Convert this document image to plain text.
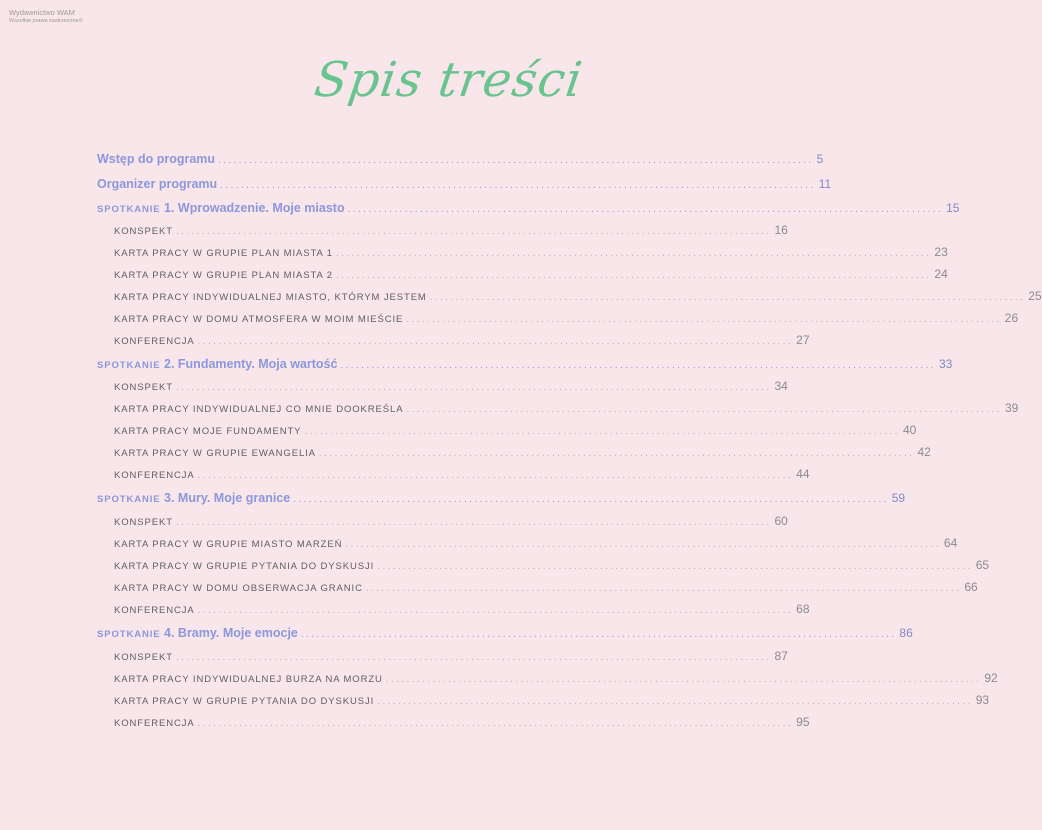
Wydawnictwo WAM
Wszelkie prawa zastrzeżone©
Spis treści
Wstęp do programu ................................................................................................................... 5
Organizer programu ................................................................................................................... 11
SPOTKANIE 1. Wprowadzenie. Moje miasto ................................................................................................................... 15
KONSPEKT ................................................................................................................... 16
KARTA PRACY W GRUPIE PLAN MIASTA 1 ................................................................................................................... 23
KARTA PRACY W GRUPIE PLAN MIASTA 2 ................................................................................................................... 24
KARTA PRACY INDYWIDUALNEJ MIASTO, KTÓRYM JESTEM ................................................................................................................... 25
KARTA PRACY W DOMU ATMOSFERA W MOIM MIEŚCIE ................................................................................................................... 26
KONFERENCJA ................................................................................................................... 27
SPOTKANIE 2. Fundamenty. Moja wartość ................................................................................................................... 33
KONSPEKT ................................................................................................................... 34
KARTA PRACY INDYWIDUALNEJ CO MNIE DOOKREŚLA ................................................................................................................... 39
KARTA PRACY MOJE FUNDAMENTY ................................................................................................................... 40
KARTA PRACY W GRUPIE EWANGELIA ................................................................................................................... 42
KONFERENCJA ................................................................................................................... 44
SPOTKANIE 3. Mury. Moje granice ................................................................................................................... 59
KONSPEKT ................................................................................................................... 60
KARTA PRACY W GRUPIE MIASTO MARZEŃ ................................................................................................................... 64
KARTA PRACY W GRUPIE PYTANIA DO DYSKUSJI ................................................................................................................... 65
KARTA PRACY W DOMU OBSERWACJA GRANIC ................................................................................................................... 66
KONFERENCJA ................................................................................................................... 68
SPOTKANIE 4. Bramy. Moje emocje ................................................................................................................... 86
KONSPEKT ................................................................................................................... 87
KARTA PRACY INDYWIDUALNEJ BURZA NA MORZU ................................................................................................................... 92
KARTA PRACY W GRUPIE PYTANIA DO DYSKUSJI ................................................................................................................... 93
KONFERENCJA ................................................................................................................... 95
